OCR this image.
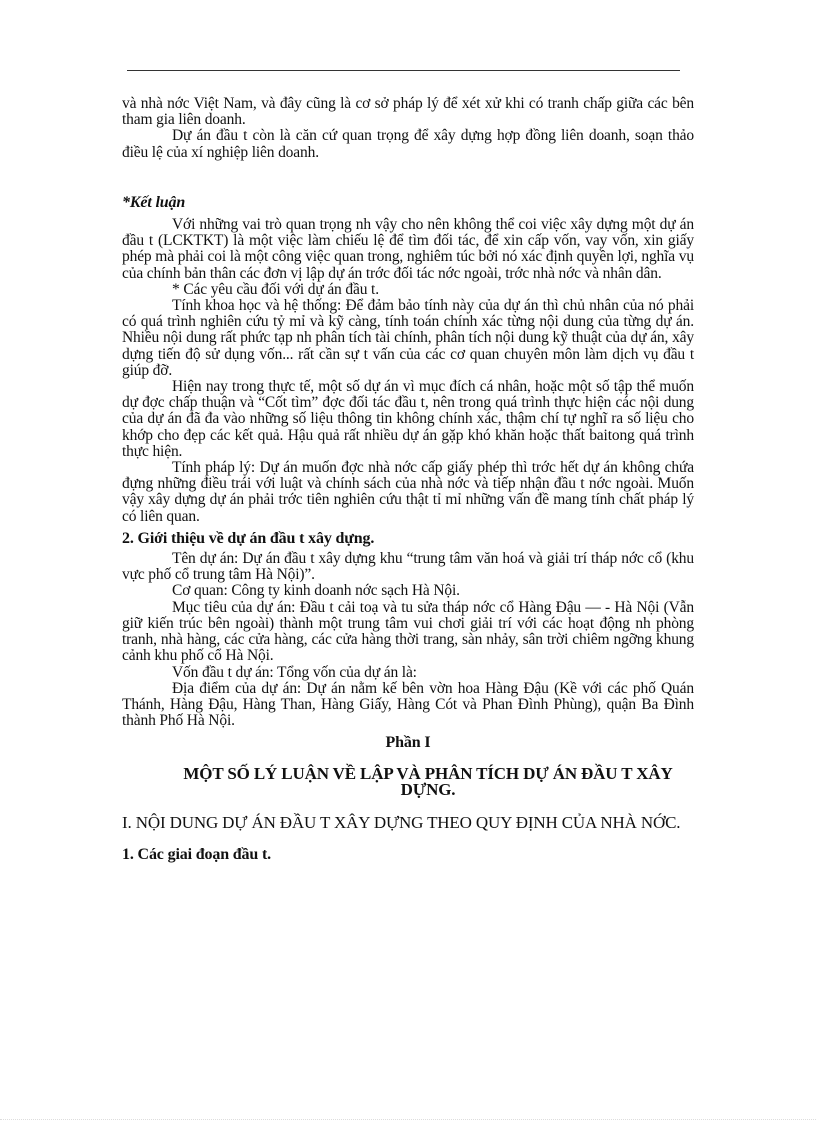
và nhà nớc Việt Nam, và đây cũng là cơ sở pháp lý để xét xử khi có tranh chấp giữa các bên tham gia liên doanh.

Dự án đầu t còn là căn cứ quan trọng để xây dựng hợp đồng liên doanh, soạn thảo điều lệ của xí nghiệp liên doanh.

*Kết luận

Với những vai trò quan trọng nh vậy cho nên không thể coi việc xây dựng một dự án đầu t (LCKTKT) là một việc làm chiếu lệ để tìm đối tác, để xin cấp vốn, vay vốn, xin giấy phép mà phải coi là một công việc quan trong, nghiêm túc bởi nó xác định quyền lợi, nghĩa vụ của chính bản thân các đơn vị lập dự án trớc đối tác nớc ngoài, trớc nhà nớc và nhân dân.

* Các yêu cầu đối với dự án đầu t.

Tính khoa học và hệ thống: Để đảm bảo tính này của dự án thì chủ nhân của nó phải có quá trình nghiên cứu tỷ mỉ và kỹ càng, tính toán chính xác từng nội dung của từng dự án. Nhiều nội dung rất phức tạp nh phân tích tài chính, phân tích nội dung kỹ thuật của dự án, xây dựng tiến độ sử dụng vốn... rất cần sự t vấn của các cơ quan chuyên môn làm dịch vụ đầu t giúp đỡ.

Hiện nay trong thực tế, một số dự án vì mục đích cá nhân, hoặc một số tập thể muốn dự đợc chấp thuận và “Cốt tìm” đợc đối tác đầu t, nên trong quá trình thực hiện các nội dung của dự án đã đa vào những số liệu thông tin không chính xác, thậm chí tự nghĩ ra số liệu cho khớp cho đẹp các kết quả. Hậu quả rất nhiều dự án gặp khó khăn hoặc thất baitong quá trình thực hiện.

Tính pháp lý: Dự án muốn đợc nhà nớc cấp giấy phép thì trớc hết dự án không chứa đựng những điều trái với luật và chính sách của nhà nớc và tiếp nhận đầu t nớc ngoài. Muốn vậy xây dựng dự án phải trớc tiên nghiên cứu thật tỉ mỉ những vấn đề mang tính chất pháp lý có liên quan.

2. Giới thiệu về dự án đầu t xây dựng.

Tên dự án: Dự án đầu t xây dựng khu “trung tâm văn hoá và giải trí tháp nớc cổ (khu vực phố cổ trung tâm Hà Nội)”.

Cơ quan: Công ty kinh doanh nớc sạch Hà Nội.

Mục tiêu của dự án: Đầu t cải toạ và tu sửa tháp nớc cổ Hàng Đậu — - Hà Nội (Vẫn giữ kiến trúc bên ngoài) thành một trung tâm vui chơi giải trí với các hoạt động nh phòng tranh, nhà hàng, các cửa hàng, các cửa hàng thời trang, sàn nhảy, sân trời chiêm ngỡng khung cảnh khu phố cổ Hà Nội.

Vốn đầu t dự án: Tổng vốn của dự án là:

Địa điểm của dự án: Dự án nằm kế bên vờn hoa Hàng Đậu (Kề với các phố Quán Thánh, Hàng Đậu, Hàng Than, Hàng Giấy, Hàng Cót và Phan Đình Phùng), quận Ba Đình thành Phố Hà Nội.

Phần I

MỘT SỐ LÝ LUẬN VỀ LẬP VÀ PHÂN TÍCH DỰ ÁN ĐẦU T XÂY DỰNG.

I. NỘI DUNG DỰ ÁN ĐẦU T XÂY DỰNG THEO QUY ĐỊNH CỦA NHÀ NỚC.

1. Các giai đoạn đầu t.
